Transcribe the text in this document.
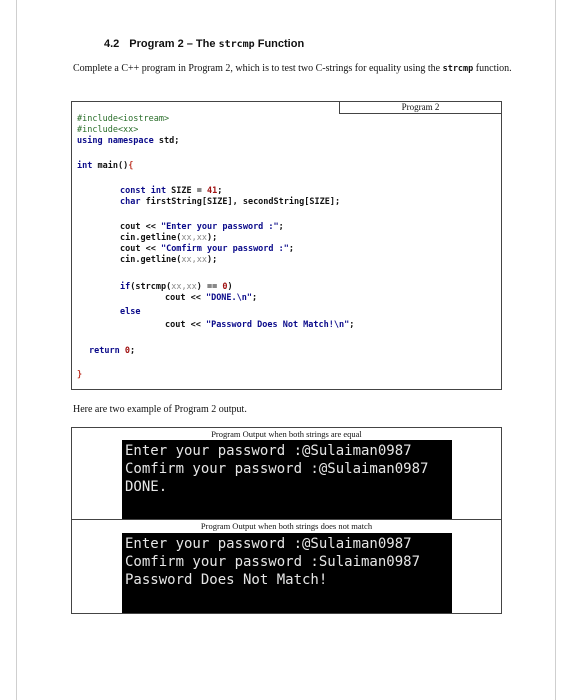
4.2 Program 2 – The strcmp Function
Complete a C++ program in Program 2, which is to test two C-strings for equality using the strcmp function.
Program 2
#include<iostream>
#include<xx>
using namespace std;
int main(){
const int SIZE = 41;
char firstString[SIZE], secondString[SIZE];
cout << "Enter your password :";
cin.getline(xx,xx);
cout << "Comfirm your password :";
cin.getline(xx,xx);
if(strcmp(xx,xx) == 0)
cout << "DONE.\n";
else
cout << "Password Does Not Match!\n";
return 0;
}
Here are two example of Program 2 output.
Program Output when both strings are equal
Enter your password :@Sulaiman0987
Comfirm your password :@Sulaiman0987
DONE.
Program Output when both strings does not match
Enter your password :@Sulaiman0987
Comfirm your password :Sulaiman0987
Password Does Not Match!
